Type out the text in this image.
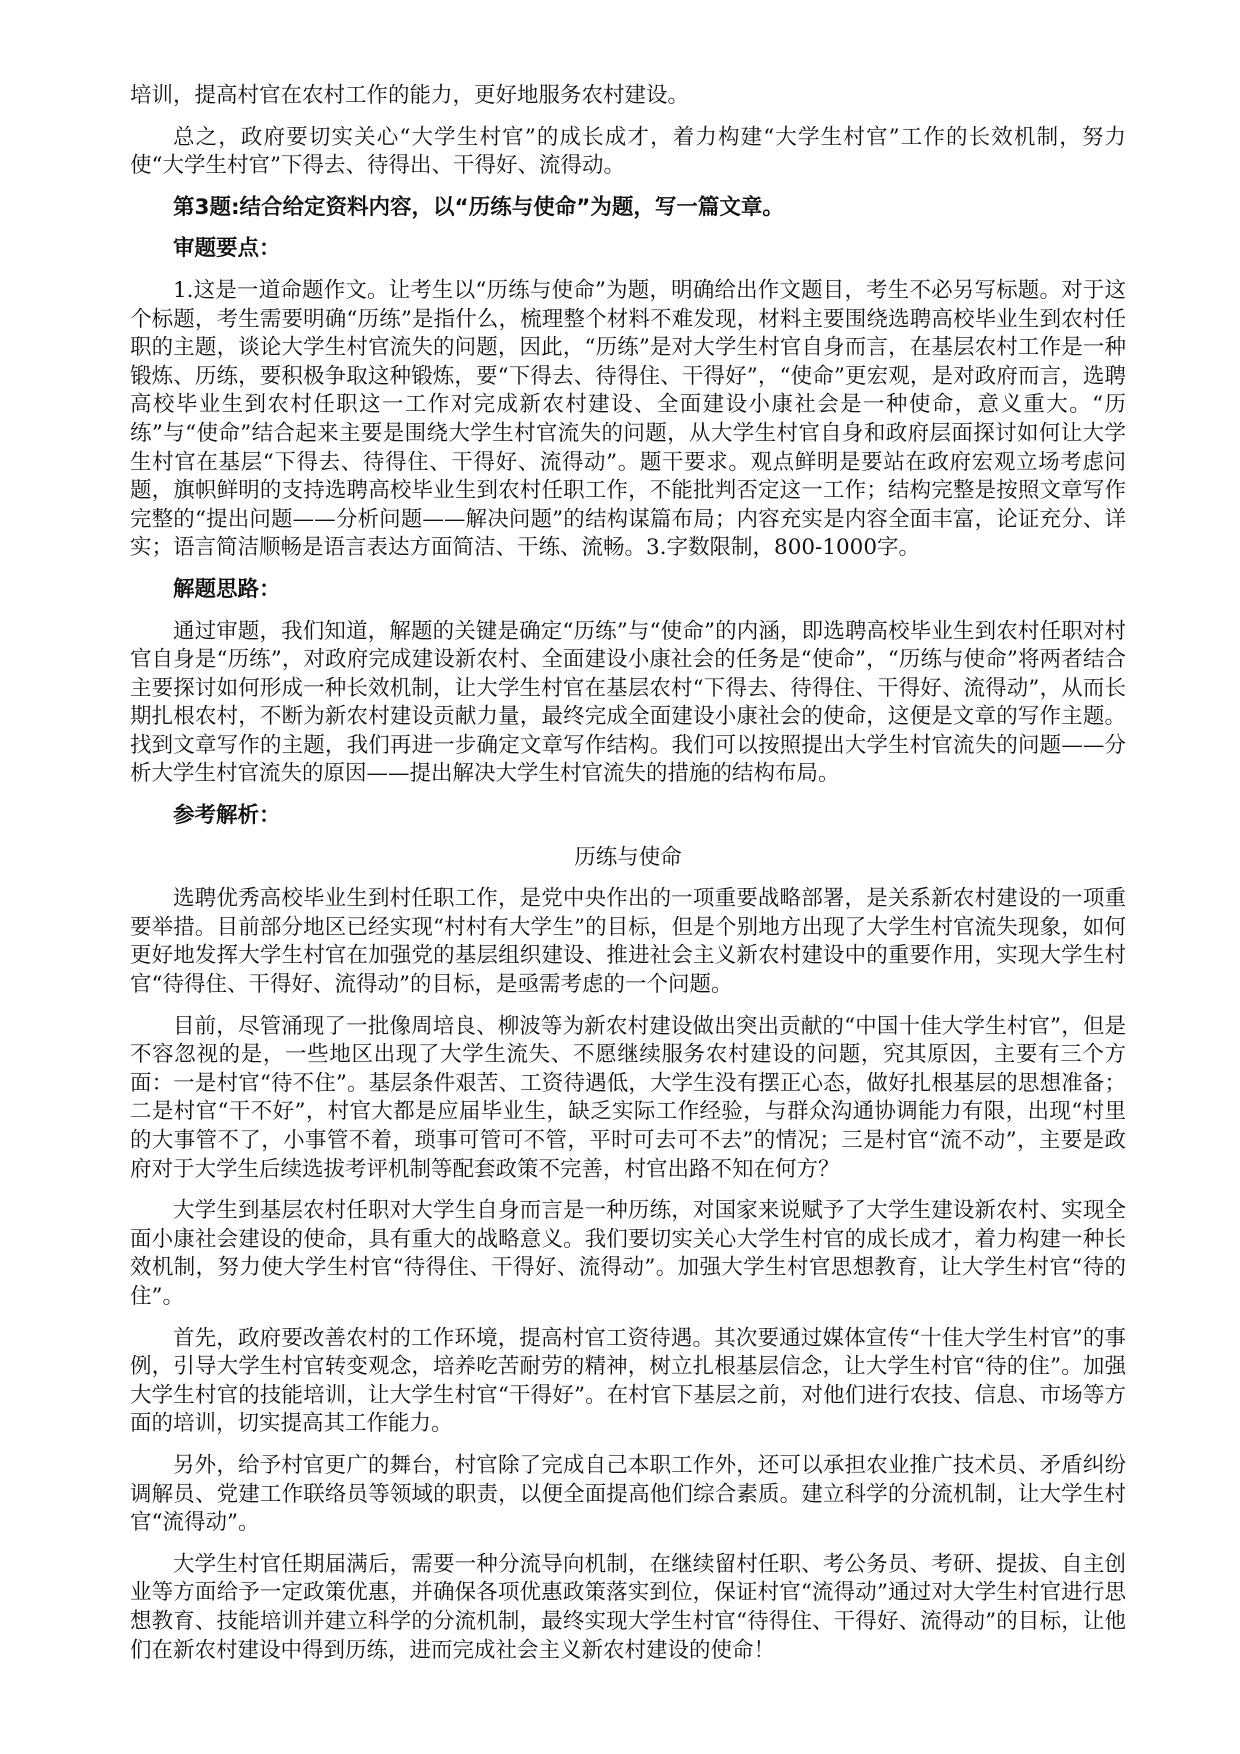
培训，提高村官在农村工作的能力，更好地服务农村建设。

总之，政府要切实关心“大学生村官”的成长成才，着力构建“大学生村官”工作的长效机制，努力使“大学生村官”下得去、待得出、干得好、流得动。

第3题:结合给定资料内容，以“历练与使命”为题，写一篇文章。

审题要点：

1.这是一道命题作文。让考生以“历练与使命”为题，明确给出作文题目，考生不必另写标题。对于这个标题，考生需要明确“历练”是指什么，梳理整个材料不难发现，材料主要围绕选聘高校毕业生到农村任职的主题，谈论大学生村官流失的问题，因此，“历练”是对大学生村官自身而言，在基层农村工作是一种锻炼、历练，要积极争取这种锻炼，要“下得去、待得住、干得好”，“使命”更宏观，是对政府而言，选聘高校毕业生到农村任职这一工作对完成新农村建设、全面建设小康社会是一种使命，意义重大。“历练”与“使命”结合起来主要是围绕大学生村官流失的问题，从大学生村官自身和政府层面探讨如何让大学生村官在基层“下得去、待得住、干得好、流得动”。题干要求。观点鲜明是要站在政府宏观立场考虑问题，旗帜鲜明的支持选聘高校毕业生到农村任职工作，不能批判否定这一工作；结构完整是按照文章写作完整的“提出问题——分析问题——解决问题”的结构谋篇布局；内容充实是内容全面丰富，论证充分、详实；语言简洁顺畅是语言表达方面简洁、干练、流畅。3.字数限制，800-1000字。

解题思路：

通过审题，我们知道，解题的关键是确定“历练”与“使命”的内涵，即选聘高校毕业生到农村任职对村官自身是“历练”，对政府完成建设新农村、全面建设小康社会的任务是“使命”，“历练与使命”将两者结合主要探讨如何形成一种长效机制，让大学生村官在基层农村“下得去、待得住、干得好、流得动”，从而长期扎根农村，不断为新农村建设贡献力量，最终完成全面建设小康社会的使命，这便是文章的写作主题。找到文章写作的主题，我们再进一步确定文章写作结构。我们可以按照提出大学生村官流失的问题——分析大学生村官流失的原因——提出解决大学生村官流失的措施的结构布局。

参考解析：

历练与使命

选聘优秀高校毕业生到村任职工作，是党中央作出的一项重要战略部署，是关系新农村建设的一项重要举措。目前部分地区已经实现“村村有大学生”的目标，但是个别地方出现了大学生村官流失现象，如何更好地发挥大学生村官在加强党的基层组织建设、推进社会主义新农村建设中的重要作用，实现大学生村官“待得住、干得好、流得动”的目标，是亟需考虑的一个问题。

目前，尽管涌现了一批像周培良、柳波等为新农村建设做出突出贡献的“中国十佳大学生村官”，但是不容忽视的是，一些地区出现了大学生流失、不愿继续服务农村建设的问题，究其原因，主要有三个方面：一是村官“待不住”。基层条件艰苦、工资待遇低，大学生没有摆正心态，做好扎根基层的思想准备；二是村官“干不好”，村官大都是应届毕业生，缺乏实际工作经验，与群众沟通协调能力有限，出现“村里的大事管不了，小事管不着，琐事可管可不管，平时可去可不去”的情况；三是村官“流不动”，主要是政府对于大学生后续选拔考评机制等配套政策不完善，村官出路不知在何方？

大学生到基层农村任职对大学生自身而言是一种历练，对国家来说赋予了大学生建设新农村、实现全面小康社会建设的使命，具有重大的战略意义。我们要切实关心大学生村官的成长成才，着力构建一种长效机制，努力使大学生村官“待得住、干得好、流得动”。加强大学生村官思想教育，让大学生村官“待的住”。

首先，政府要改善农村的工作环境，提高村官工资待遇。其次要通过媒体宣传“十佳大学生村官”的事例，引导大学生村官转变观念，培养吃苦耐劳的精神，树立扎根基层信念，让大学生村官“待的住”。加强大学生村官的技能培训，让大学生村官“干得好”。在村官下基层之前，对他们进行农技、信息、市场等方面的培训，切实提高其工作能力。

另外，给予村官更广的舞台，村官除了完成自己本职工作外，还可以承担农业推广技术员、矛盾纠纷调解员、党建工作联络员等领域的职责，以便全面提高他们综合素质。建立科学的分流机制，让大学生村官“流得动”。

大学生村官任期届满后，需要一种分流导向机制，在继续留村任职、考公务员、考研、提拔、自主创业等方面给予一定政策优惠，并确保各项优惠政策落实到位，保证村官“流得动”通过对大学生村官进行思想教育、技能培训并建立科学的分流机制，最终实现大学生村官“待得住、干得好、流得动”的目标，让他们在新农村建设中得到历练，进而完成社会主义新农村建设的使命！
